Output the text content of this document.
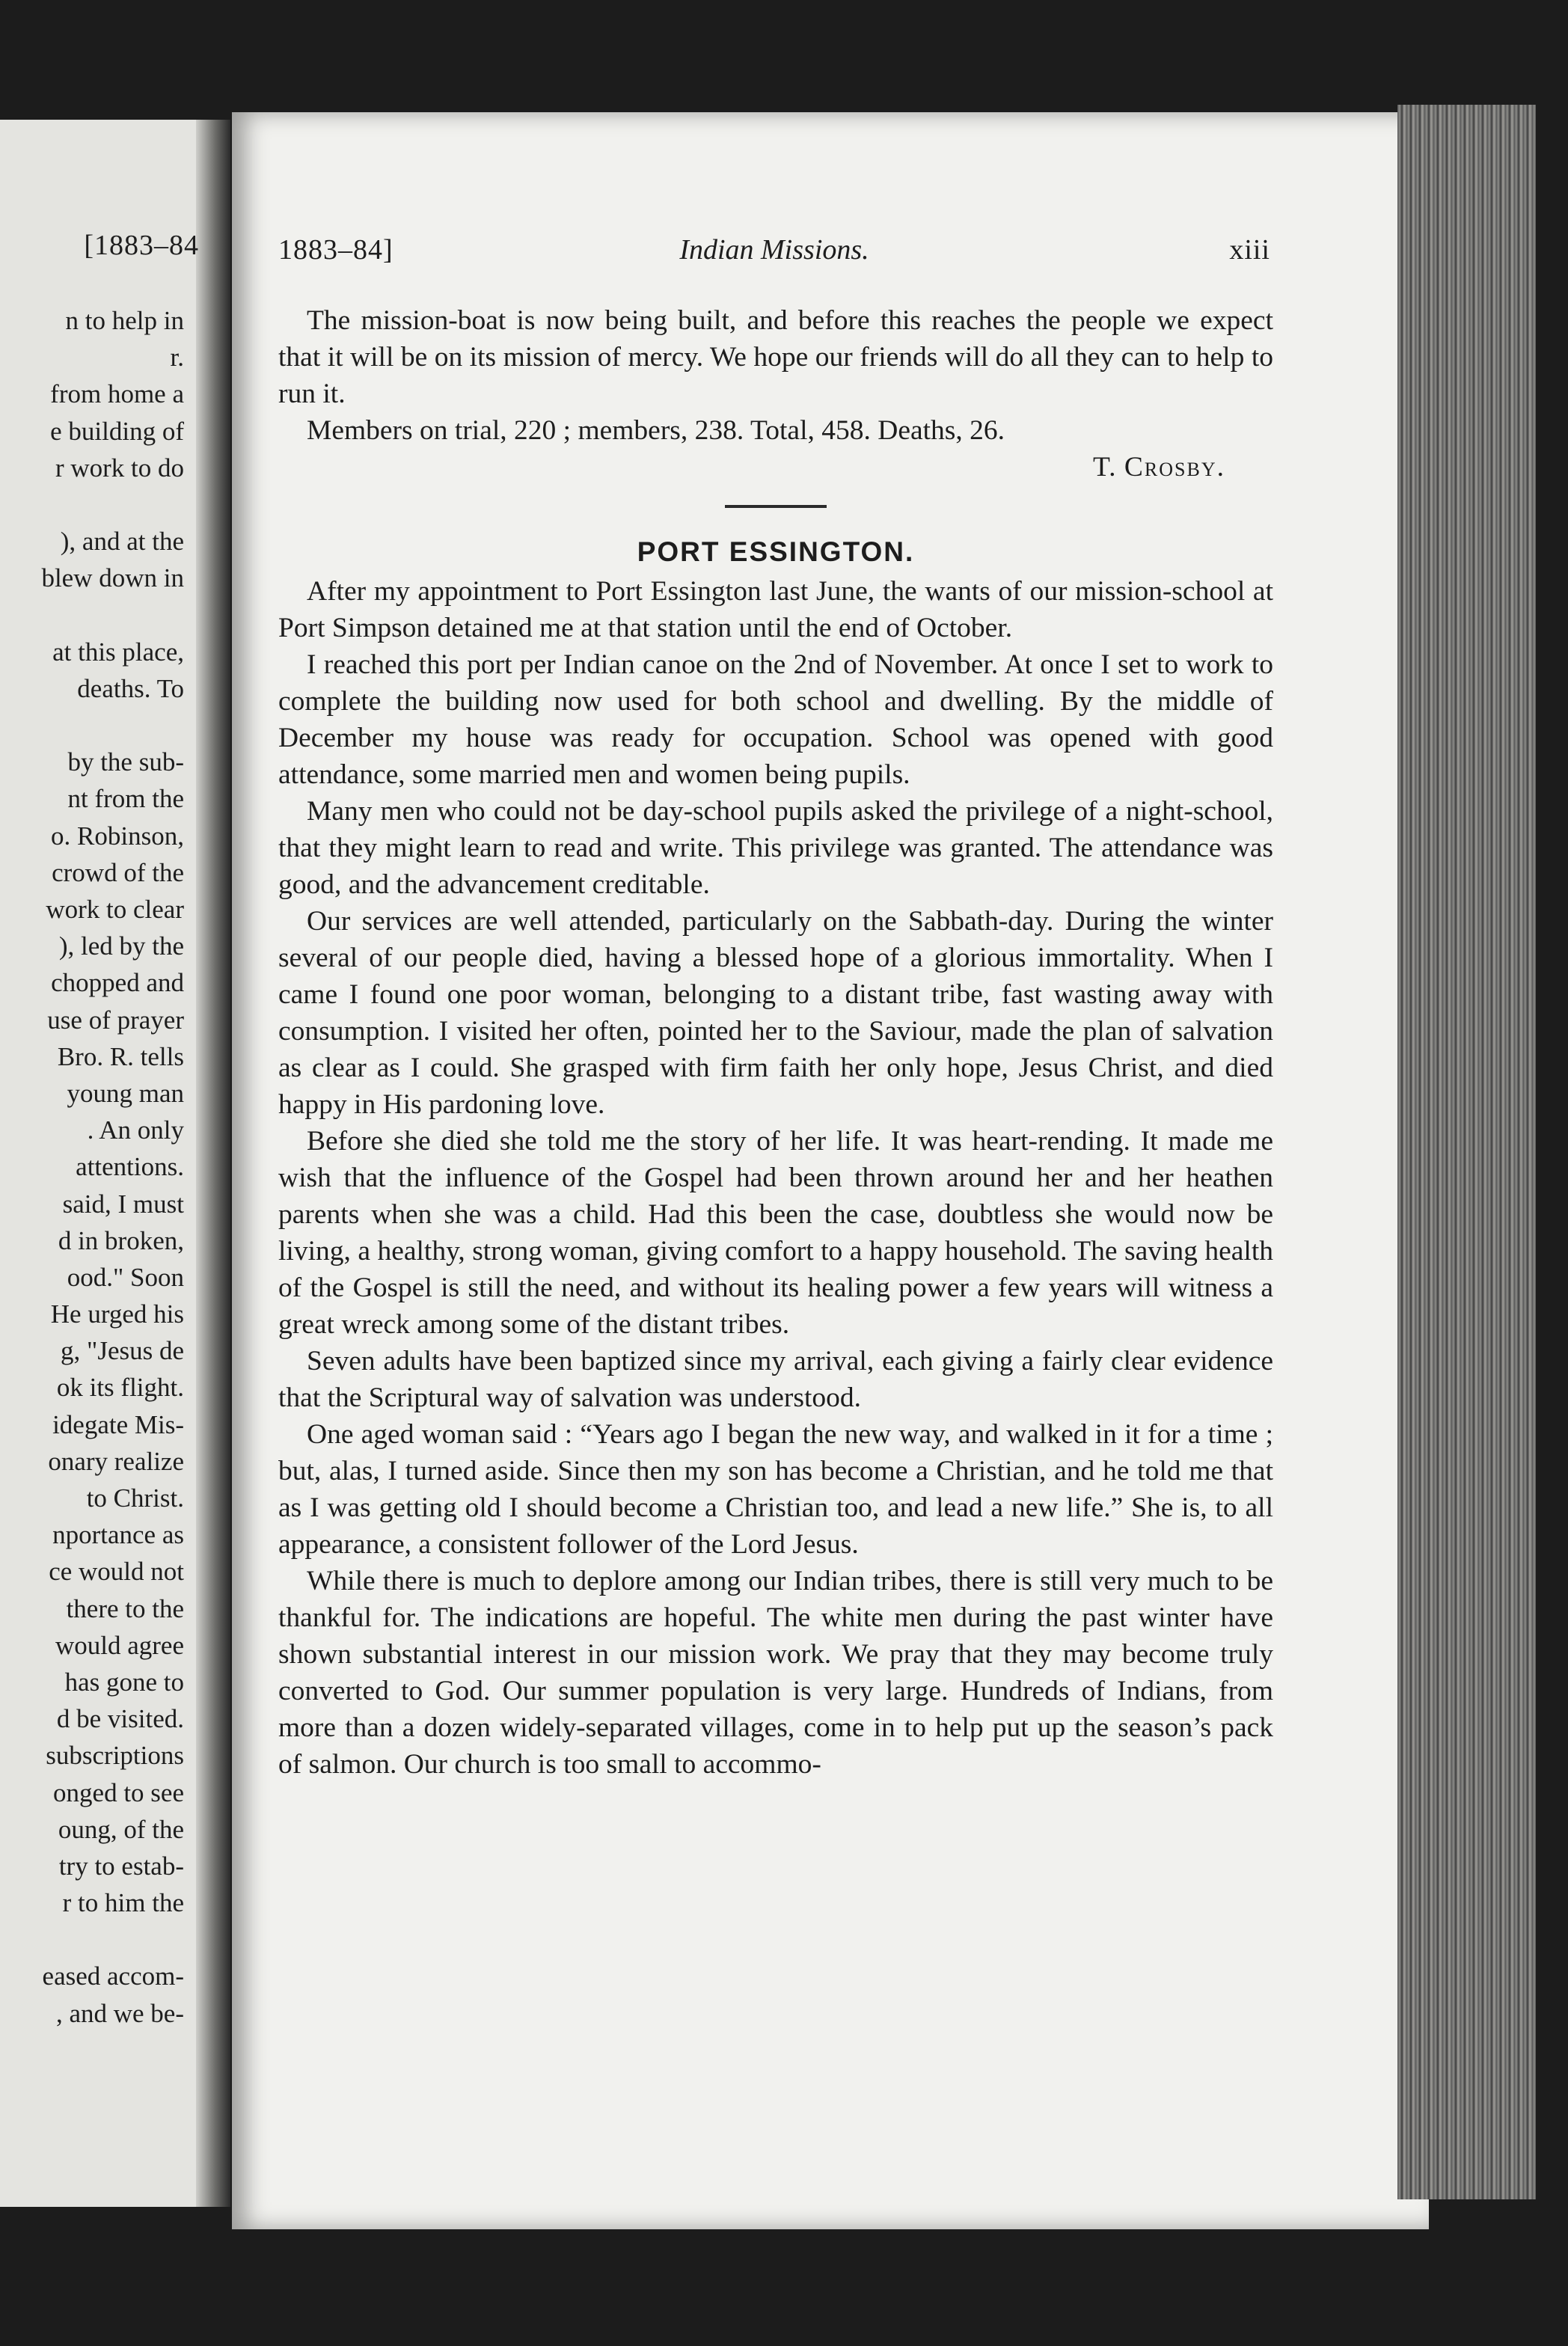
[1883–84
n to help in
r.
from home a
e building of
r work to do
), and at the
blew down in
at this place,
deaths. To
by the sub-
nt from the
o. Robinson,
crowd of the
work to clear
), led by the
chopped and
use of prayer
Bro. R. tells
young man
. An only
attentions.
said, I must
d in broken,
ood." Soon
He urged his
g, "Jesus de
ok its flight.
idegate Mis-
onary realize
to Christ.
nportance as
ce would not
there to the
would agree
has gone to
d be visited.
subscriptions
onged to see
oung, of the
try to estab-
r to him the
eased accom-
, and we be-
1883–84]	Indian Missions.	xiii

The mission-boat is now being built, and before this reaches the people we expect that it will be on its mission of mercy. We hope our friends will do all they can to help to run it.

Members on trial, 220 ; members, 238. Total, 458. Deaths, 26.

T. Crosby.
PORT ESSINGTON.

After my appointment to Port Essington last June, the wants of our mission-school at Port Simpson detained me at that station until the end of October.

I reached this port per Indian canoe on the 2nd of November. At once I set to work to complete the building now used for both school and dwelling. By the middle of December my house was ready for occupation. School was opened with good attendance, some married men and women being pupils.

Many men who could not be day-school pupils asked the privilege of a night-school, that they might learn to read and write. This privilege was granted. The attendance was good, and the advancement creditable.

Our services are well attended, particularly on the Sabbath-day. During the winter several of our people died, having a blessed hope of a glorious immortality. When I came I found one poor woman, belonging to a distant tribe, fast wasting away with consumption. I visited her often, pointed her to the Saviour, made the plan of salvation as clear as I could. She grasped with firm faith her only hope, Jesus Christ, and died happy in His pardoning love.

Before she died she told me the story of her life. It was heart-rending. It made me wish that the influence of the Gospel had been thrown around her and her heathen parents when she was a child. Had this been the case, doubtless she would now be living, a healthy, strong woman, giving comfort to a happy household. The saving health of the Gospel is still the need, and without its healing power a few years will witness a great wreck among some of the distant tribes.

Seven adults have been baptized since my arrival, each giving a fairly clear evidence that the Scriptural way of salvation was understood.

One aged woman said : “Years ago I began the new way, and walked in it for a time ; but, alas, I turned aside. Since then my son has become a Christian, and he told me that as I was getting old I should become a Christian too, and lead a new life.” She is, to all appearance, a consistent follower of the Lord Jesus.

While there is much to deplore among our Indian tribes, there is still very much to be thankful for. The indications are hopeful. The white men during the past winter have shown substantial interest in our mission work. We pray that they may become truly converted to God. Our summer population is very large. Hundreds of Indians, from more than a dozen widely-separated villages, come in to help put up the season’s pack of salmon. Our church is too small to accommo-
